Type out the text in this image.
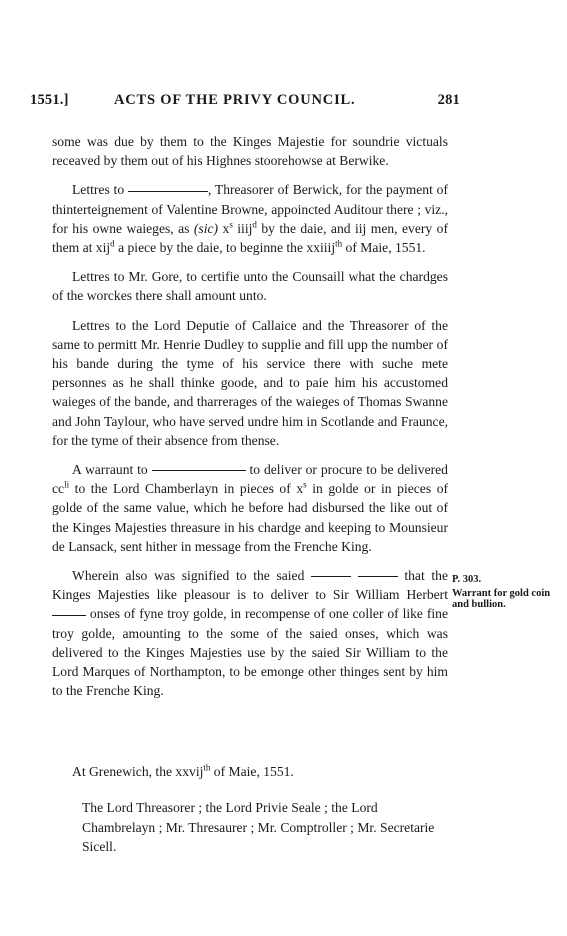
1551.]	ACTS OF THE PRIVY COUNCIL.	281

some was due by them to the Kinges Majestie for soundrie victuals receaved by them out of his Highnes stoorehowse at Berwike.

Lettres to	, Threasorer of Berwick, for the payment of thinterteignement of Valentine Browne, appoincted Auditour there ; viz., for his owne waieges, as (sic) $x^s$ iiij$^d$ by the daie, and iij men, every of them at xij$^d$ a piece by the daie, to beginne the xxiiij$^{th}$ of Maie, 1551.

Lettres to Mr. Gore, to certifie unto the Counsaill what the chardges of the worckes there shall amount unto.

Lettres to the Lord Deputie of Callaice and the Threasorer of the same to permitt Mr. Henrie Dudley to supplie and fill upp the number of his bande during the tyme of his service there with suche mete personnes as he shall thinke goode, and to paie him his accustomed waieges of the bande, and tharrerages of the waieges of Thomas Swanne and John Taylour, who have served undre him in Scotlande and Fraunce, for the tyme of their absence from thense.

A warraunt to	to deliver or procure to be delivered $cc^{li}$ to the Lord Chamberlayn in pieces of $x^s$ in golde or in pieces of golde of the same value, which he before had disbursed the like out of the Kinges Majesties threasure in his chardge and keeping to Mounsieur de Lansack, sent hither in message from the Frenche King.

Wherein also was signified to the saied	that the Kinges Majesties like pleasour is to deliver to Sir William Herbert  onses of fyne troy golde, in recompense of one coller of like fine troy golde, amounting to the some of the saied onses, which was delivered to the Kinges Majesties use by the saied Sir William to the Lord Marques of Northampton, to be emonge other thinges sent by him to the Frenche King.

P. 303.
Warrant for gold coin and bullion.
At Grenewich, the xxvij$^{th}$ of Maie, 1551.
The Lord Threasorer ; the Lord Privie Seale ; the Lord Chambrelayn ; Mr. Thresaurer ; Mr. Comptroller ; Mr. Secretarie Sicell.
